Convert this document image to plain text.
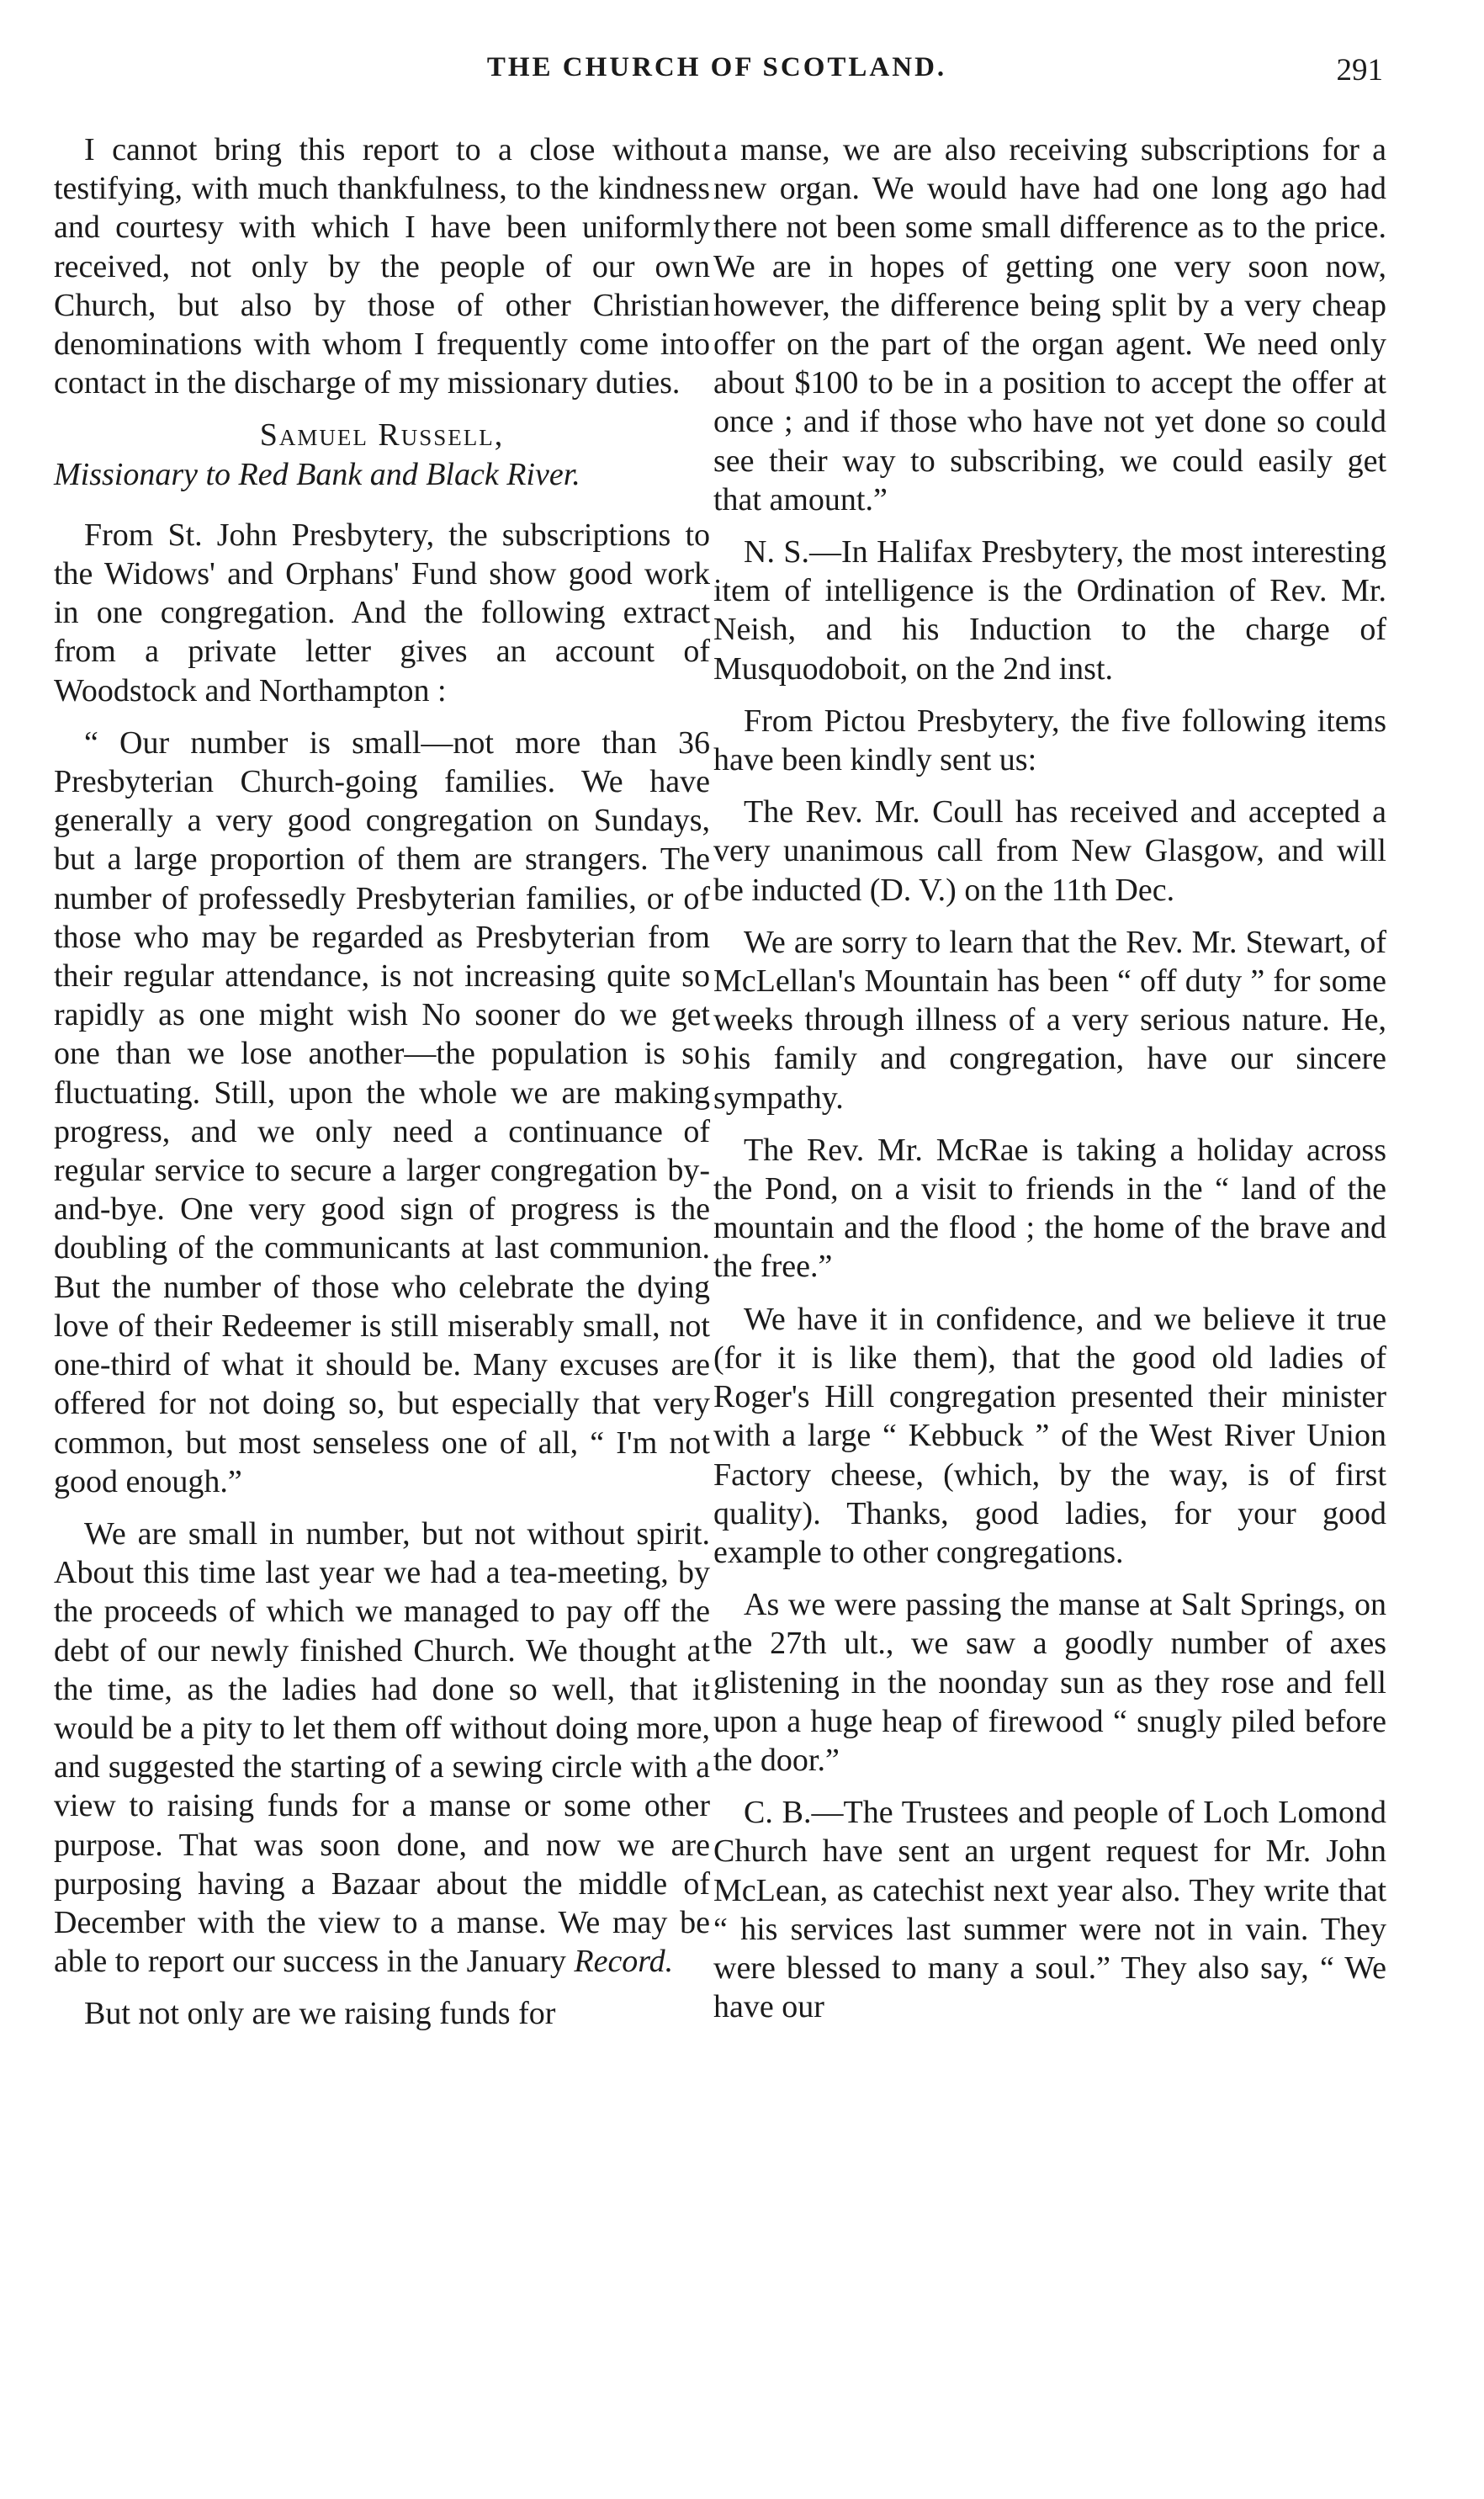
THE CHURCH OF SCOTLAND.	291

I cannot bring this report to a close without testifying, with much thankfulness, to the kindness and courtesy with which I have been uniformly received, not only by the people of our own Church, but also by those of other Christian denominations with whom I frequently come into contact in the discharge of my missionary duties.

Samuel Russell,
Missionary to Red Bank and Black River.

From St. John Presbytery, the subscriptions to the Widows' and Orphans' Fund show good work in one congregation. And the following extract from a private letter gives an account of Woodstock and Northampton :

“ Our number is small—not more than 36 Presbyterian Church-going families. We have generally a very good congregation on Sundays, but a large proportion of them are strangers. The number of professedly Presbyterian families, or of those who may be regarded as Presbyterian from their regular attendance, is not increasing quite so rapidly as one might wish No sooner do we get one than we lose another—the population is so fluctuating. Still, upon the whole we are making progress, and we only need a continuance of regular service to secure a larger congregation by-and-bye. One very good sign of progress is the doubling of the communicants at last communion. But the number of those who celebrate the dying love of their Redeemer is still miserably small, not one-third of what it should be. Many excuses are offered for not doing so, but especially that very common, but most senseless one of all, “ I'm not good enough.”

We are small in number, but not without spirit. About this time last year we had a tea-meeting, by the proceeds of which we managed to pay off the debt of our newly finished Church. We thought at the time, as the ladies had done so well, that it would be a pity to let them off without doing more, and suggested the starting of a sewing circle with a view to raising funds for a manse or some other purpose. That was soon done, and now we are purposing having a Bazaar about the middle of December with the view to a manse. We may be able to report our success in the January Record.

But not only are we raising funds for

a manse, we are also receiving subscriptions for a new organ. We would have had one long ago had there not been some small difference as to the price. We are in hopes of getting one very soon now, however, the difference being split by a very cheap offer on the part of the organ agent. We need only about $100 to be in a position to accept the offer at once ; and if those who have not yet done so could see their way to subscribing, we could easily get that amount.”

N. S.—In Halifax Presbytery, the most interesting item of intelligence is the Ordination of Rev. Mr. Neish, and his Induction to the charge of Musquodoboit, on the 2nd inst.

From Pictou Presbytery, the five following items have been kindly sent us:

The Rev. Mr. Coull has received and accepted a very unanimous call from New Glasgow, and will be inducted (D. V.) on the 11th Dec.

We are sorry to learn that the Rev. Mr. Stewart, of McLellan's Mountain has been “ off duty ” for some weeks through illness of a very serious nature. He, his family and congregation, have our sincere sympathy.

The Rev. Mr. McRae is taking a holiday across the Pond, on a visit to friends in the “ land of the mountain and the flood ; the home of the brave and the free.”

We have it in confidence, and we believe it true (for it is like them), that the good old ladies of Roger's Hill congregation presented their minister with a large “ Kebbuck ” of the West River Union Factory cheese, (which, by the way, is of first quality). Thanks, good ladies, for your good example to other congregations.

As we were passing the manse at Salt Springs, on the 27th ult., we saw a goodly number of axes glistening in the noonday sun as they rose and fell upon a huge heap of firewood “ snugly piled before the door.”

C. B.—The Trustees and people of Loch Lomond Church have sent an urgent request for Mr. John McLean, as catechist next year also. They write that “ his services last summer were not in vain. They were blessed to many a soul.” They also say, “ We have our
